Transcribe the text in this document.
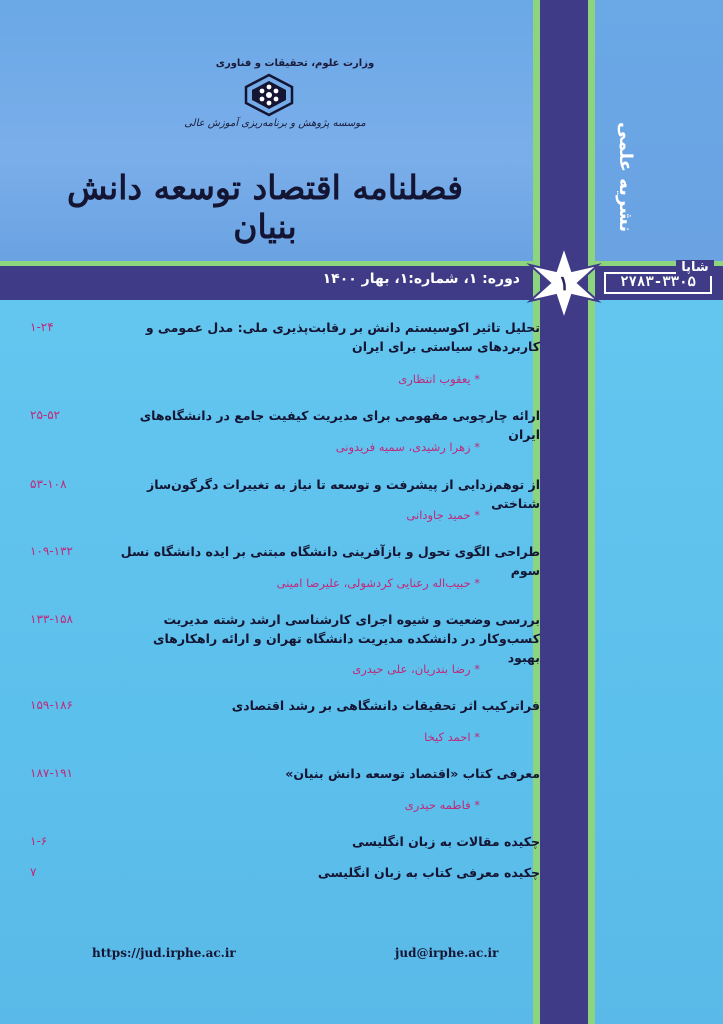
وزارت علوم، تحقیقات و فناوری
موسسه پژوهش و برنامه‌ریزی آموزش عالی
فصلنامه اقتصاد توسعه دانش بنیان	نشریه علمی
۱
شاپا
۲۷۸۳-۳۳۰۵
دوره: ۱، شماره:۱، بهار ۱۴۰۰
تحلیل تاثیر اکوسیستم دانش بر رقابت‌پذیری ملی: مدل عمومی و کاربردهای سیاستی برای ایران
۱-۲۴
* یعقوب انتظاری
ارائه چارچوبی مفهومی برای مدیریت کیفیت جامع در دانشگاه‌های ایران
۲۵-۵۲
* زهرا رشیدی، سمیه فریدونی
از توهم‌زدایی از پیشرفت و توسعه تا نیاز به تغییرات دگرگون‌ساز شناختی
۵۳-۱۰۸
* حمید جاودانی
طراحی الگوی تحول و بازآفرینی دانشگاه مبتنی بر ایده دانشگاه نسل سوم
۱۰۹-۱۳۲
* حبیب‌اله رعنایی کردشولی، علیرضا امینی
بررسی وضعیت و شیوه اجرای کارشناسی ارشد رشته مدیریت کسب‌وکار در دانشکده مدیریت دانشگاه تهران و ارائه راهکارهای بهبود
۱۳۳-۱۵۸
* رضا بندریان، علی حیدری
فراترکیب اثر تحقیقات دانشگاهی بر رشد اقتصادی
۱۵۹-۱۸۶
* احمد کیخا
معرفی کتاب «اقتصاد توسعه دانش بنیان»
۱۸۷-۱۹۱
* فاطمه حیدری
چکیده مقالات به زبان انگلیسی
۱-۶
چکیده معرفی کتاب به زبان انگلیسی
۷
https://jud.irphe.ac.ir	jud@irphe.ac.ir
